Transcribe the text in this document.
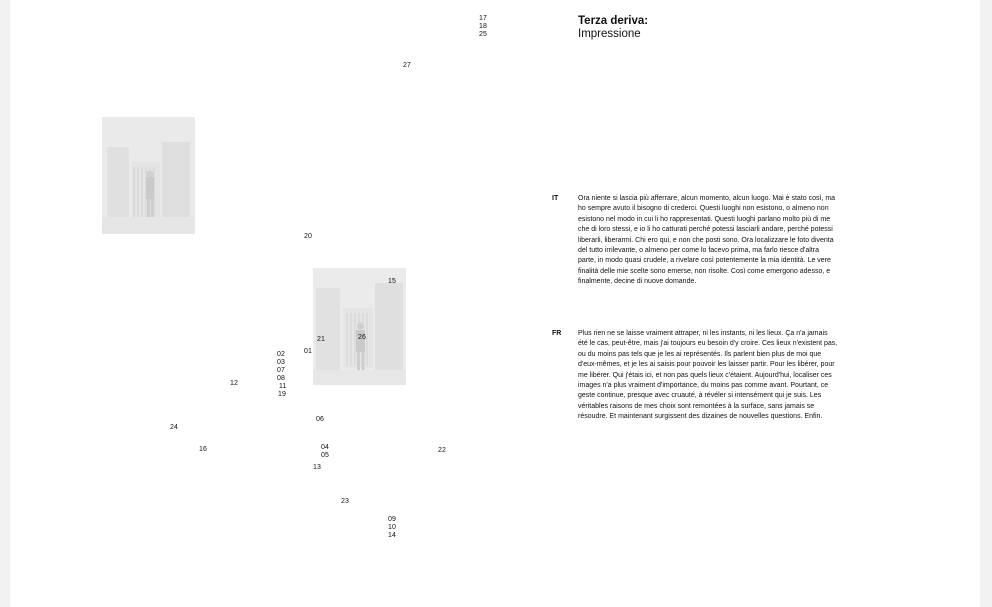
17
18
25
27
20
15
21	26
01
02
03
07
08
11
19
12
06
24
16	04
05
22
13
23
09
10
14
Terza deriva:
Impressione
IT	Ora niente si lascia più afferrare, alcun momento, alcun luogo. Mai è stato così, ma ho sempre avuto il bisogno di crederci. Questi luoghi non esistono, o almeno non esistono nel modo in cui li ho rappresentati. Questi luoghi parlano molto più di me che di loro stessi, e io li ho catturati perché potessi lasciarli andare, perché potessi liberarli, liberarmi. Chi ero qui, e non che posti sono. Ora localizzare le foto diventa del tutto irrilevante, o almeno per come lo facevo prima, ma farlo riesce d'altra parte, in modo quasi crudele, a rivelare così potentemente la mia identità. Le vere finalità delle mie scelte sono emerse, non risolte. Così come emergono adesso, e finalmente, decine di nuove domande.
FR Plus rien ne se laisse vraiment attraper, ni les instants, ni les lieux. Ça n'a jamais été le cas, peut-être, mais j'ai toujours eu besoin d'y croire. Ces lieux n'existent pas, ou du moins pas tels que je les ai représentés. Ils parlent bien plus de moi que d'eux-mêmes, et je les ai saisis pour pouvoir les laisser partir. Pour les libérer, pour me libérer. Qui j'étais ici, et non pas quels lieux c'étaient. Aujourd'hui, localiser ces images n'a plus vraiment d'importance, du moins pas comme avant. Pourtant, ce geste continue, presque avec cruauté, à révéler si intensément qui je suis. Les véritables raisons de mes choix sont remontées à la surface, sans jamais se résoudre. Et maintenant surgissent des dizaines de nouvelles questions. Enfin.
